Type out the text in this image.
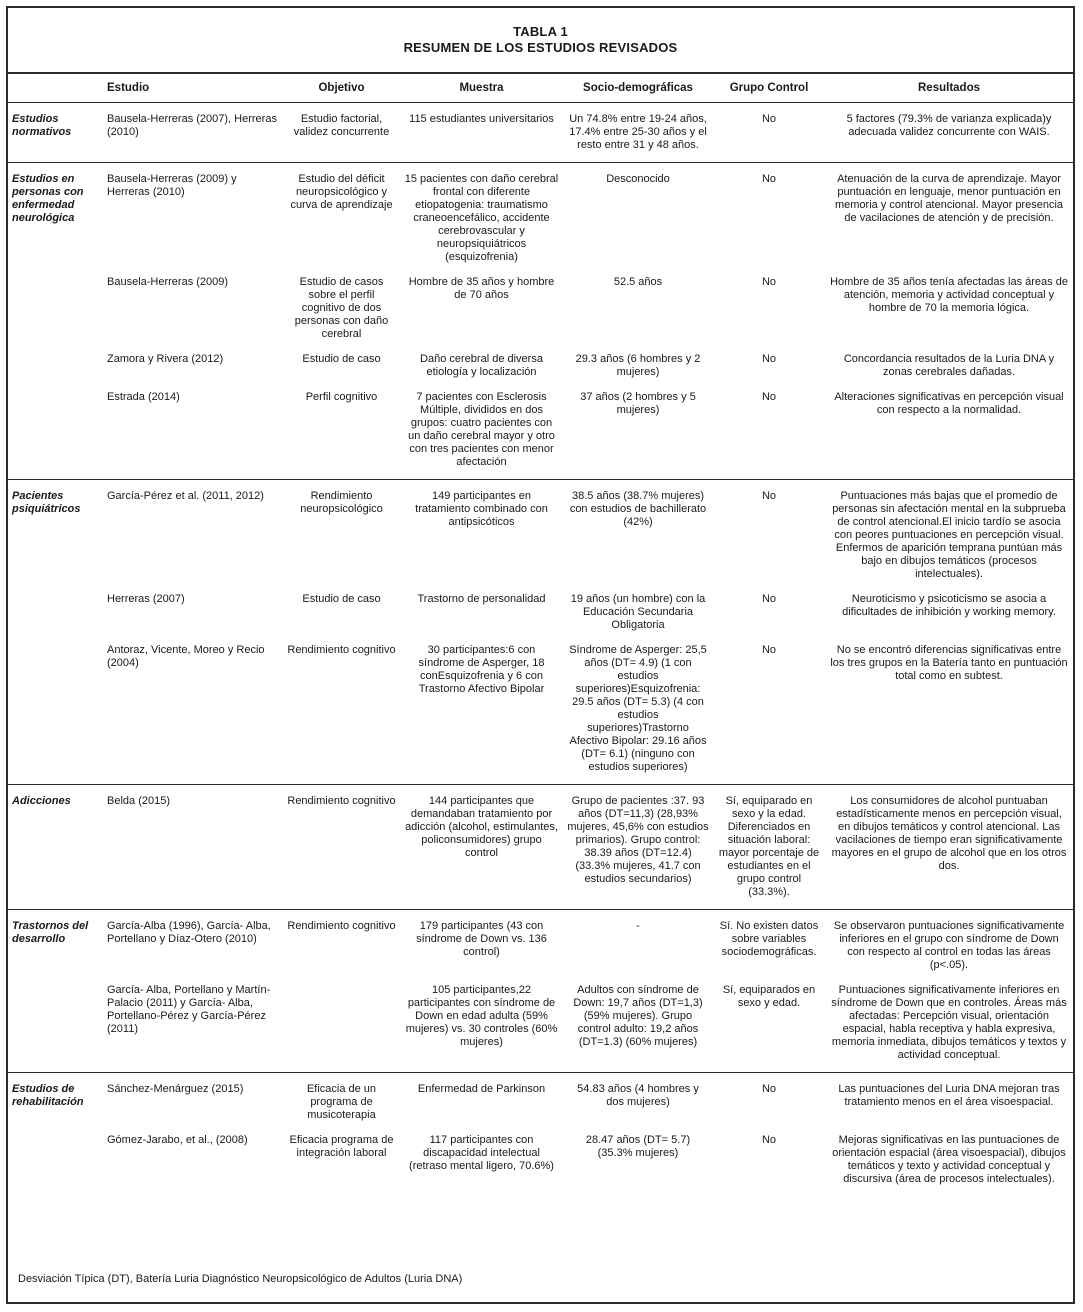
TABLA 1
RESUMEN DE LOS ESTUDIOS REVISADOS
	Estudio	Objetivo	Muestra	Socio-demográficas	Grupo Control	Resultados
Estudios normativos	Bausela-Herreras (2007), Herreras (2010)	Estudio factorial, validez concurrente	115 estudiantes universitarios	Un 74.8% entre 19-24 años, 17.4% entre 25-30 años y el resto entre 31 y 48 años.	No	5 factores (79.3% de varianza explicada)y adecuada validez concurrente con WAIS.
Estudios en personas con enfermedad neurológica	Bausela-Herreras (2009) y Herreras (2010)	Estudio del déficit neuropsicológico y curva de aprendizaje	15 pacientes con daño cerebral frontal con diferente etiopatogenia: traumatismo craneoencefálico, accidente cerebrovascular y neuropsiquiátricos (esquizofrenia)	Desconocido	No	Atenuación de la curva de aprendizaje. Mayor puntuación en lenguaje, menor puntuación en memoria y control atencional. Mayor presencia de vacilaciones de atención y de precisión.
	Bausela-Herreras (2009)	Estudio de casos sobre el perfil cognitivo de dos personas con daño cerebral	Hombre de 35 años y hombre de 70 años	52.5 años	No	Hombre de 35 años tenía afectadas las áreas de atención, memoria y actividad conceptual y hombre de 70 la memoria lógica.
	Zamora y Rivera (2012)	Estudio de caso	Daño cerebral de diversa etiología y localización	29.3 años (6 hombres y 2 mujeres)	No	Concordancia resultados de la Luria DNA y zonas cerebrales dañadas.
	Estrada (2014)	Perfil cognitivo	7 pacientes con Esclerosis Múltiple, divididos en dos grupos: cuatro pacientes con un daño cerebral mayor y otro con tres pacientes con menor afectación	37 años (2 hombres y 5 mujeres)	No	Alteraciones significativas en percepción visual con respecto a la normalidad.
Pacientes psiquiátricos	García-Pérez et al. (2011, 2012)	Rendimiento neuropsicológico	149 participantes en tratamiento combinado con antipsicóticos	38.5 años (38.7% mujeres) con estudios de bachillerato (42%)	No	Puntuaciones más bajas que el promedio de personas sin afectación mental en la subprueba de control atencional.El inicio tardío se asocia con peores puntuaciones en percepción visual. Enfermos de aparición temprana puntúan más bajo en dibujos temáticos (procesos intelectuales).
	Herreras (2007)	Estudio de caso	Trastorno de personalidad	19 años (un hombre) con la Educación Secundaria Obligatoria	No	Neuroticismo y psicoticismo se asocia a dificultades de inhibición y working memory.
	Antoraz, Vicente, Moreo y Recio (2004)	Rendimiento cognitivo	30 participantes:6 con síndrome de Asperger, 18 conEsquizofrenia y 6 con Trastorno Afectivo Bipolar	Síndrome de Asperger: 25,5 años (DT= 4.9) (1 con estudios superiores)Esquizofrenia: 29.5 años (DT= 5.3) (4 con estudios superiores)Trastorno Afectivo Bipolar: 29.16 años (DT= 6.1) (ninguno con estudios superiores)	No	No se encontró diferencias significativas entre los tres grupos en la Batería tanto en puntuación total como en subtest.
Adicciones	Belda (2015)	Rendimiento cognitivo	144 participantes que demandaban tratamiento por adicción (alcohol, estimulantes, policonsumidores) grupo control	Grupo de pacientes :37. 93 años (DT=11,3) (28,93% mujeres, 45,6% con estudios primarios). Grupo control: 38.39 años (DT=12.4) (33.3% mujeres, 41.7 con estudios secundarios)	Sí, equiparado en sexo y la edad. Diferenciados en situación laboral: mayor porcentaje de estudiantes en el grupo control (33.3%).	Los consumidores de alcohol puntuaban estadísticamente menos en percepción visual, en dibujos temáticos y control atencional. Las vacilaciones de tiempo eran significativamente mayores en el grupo de alcohol que en los otros dos.
Trastornos del desarrollo	García-Alba (1996), García- Alba, Portellano y Díaz-Otero (2010)	Rendimiento cognitivo	179 participantes (43 con síndrome de Down vs. 136 control)	-	Sí. No existen datos sobre variables sociodemográficas.	Se observaron puntuaciones significativamente inferiores en el grupo con síndrome de Down con respecto al control en todas las áreas (p<.05).
	García- Alba, Portellano y Martín-Palacio (2011) y García- Alba, Portellano-Pérez y García-Pérez (2011)		105 participantes,22 participantes con síndrome de Down en edad adulta (59% mujeres) vs. 30 controles (60% mujeres)	Adultos con síndrome de Down: 19,7 años (DT=1,3) (59% mujeres). Grupo control adulto: 19,2 años (DT=1.3) (60% mujeres)	Sí, equiparados en sexo y edad.	Puntuaciones significativamente inferiores en síndrome de Down que en controles. Áreas más afectadas: Percepción visual, orientación espacial, habla receptiva y habla expresiva, memoria inmediata, dibujos temáticos y textos y actividad conceptual.
Estudios de rehabilitación	Sánchez-Menárguez (2015)	Eficacia de un programa de musicoterapia	Enfermedad de Parkinson	54.83 años (4 hombres y dos mujeres)	No	Las puntuaciones del Luria DNA mejoran tras tratamiento menos en el área visoespacial.
	Gómez-Jarabo, et al., (2008)	Eficacia programa de integración laboral	117 participantes con discapacidad intelectual (retraso mental ligero, 70.6%)	28.47 años (DT= 5.7) (35.3% mujeres)	No	Mejoras significativas en las puntuaciones de orientación espacial (área visoespacial), dibujos temáticos y texto y actividad conceptual y discursiva (área de procesos intelectuales).
Desviación Típica (DT), Batería Luria Diagnóstico Neuropsicológico de Adultos (Luria DNA)
